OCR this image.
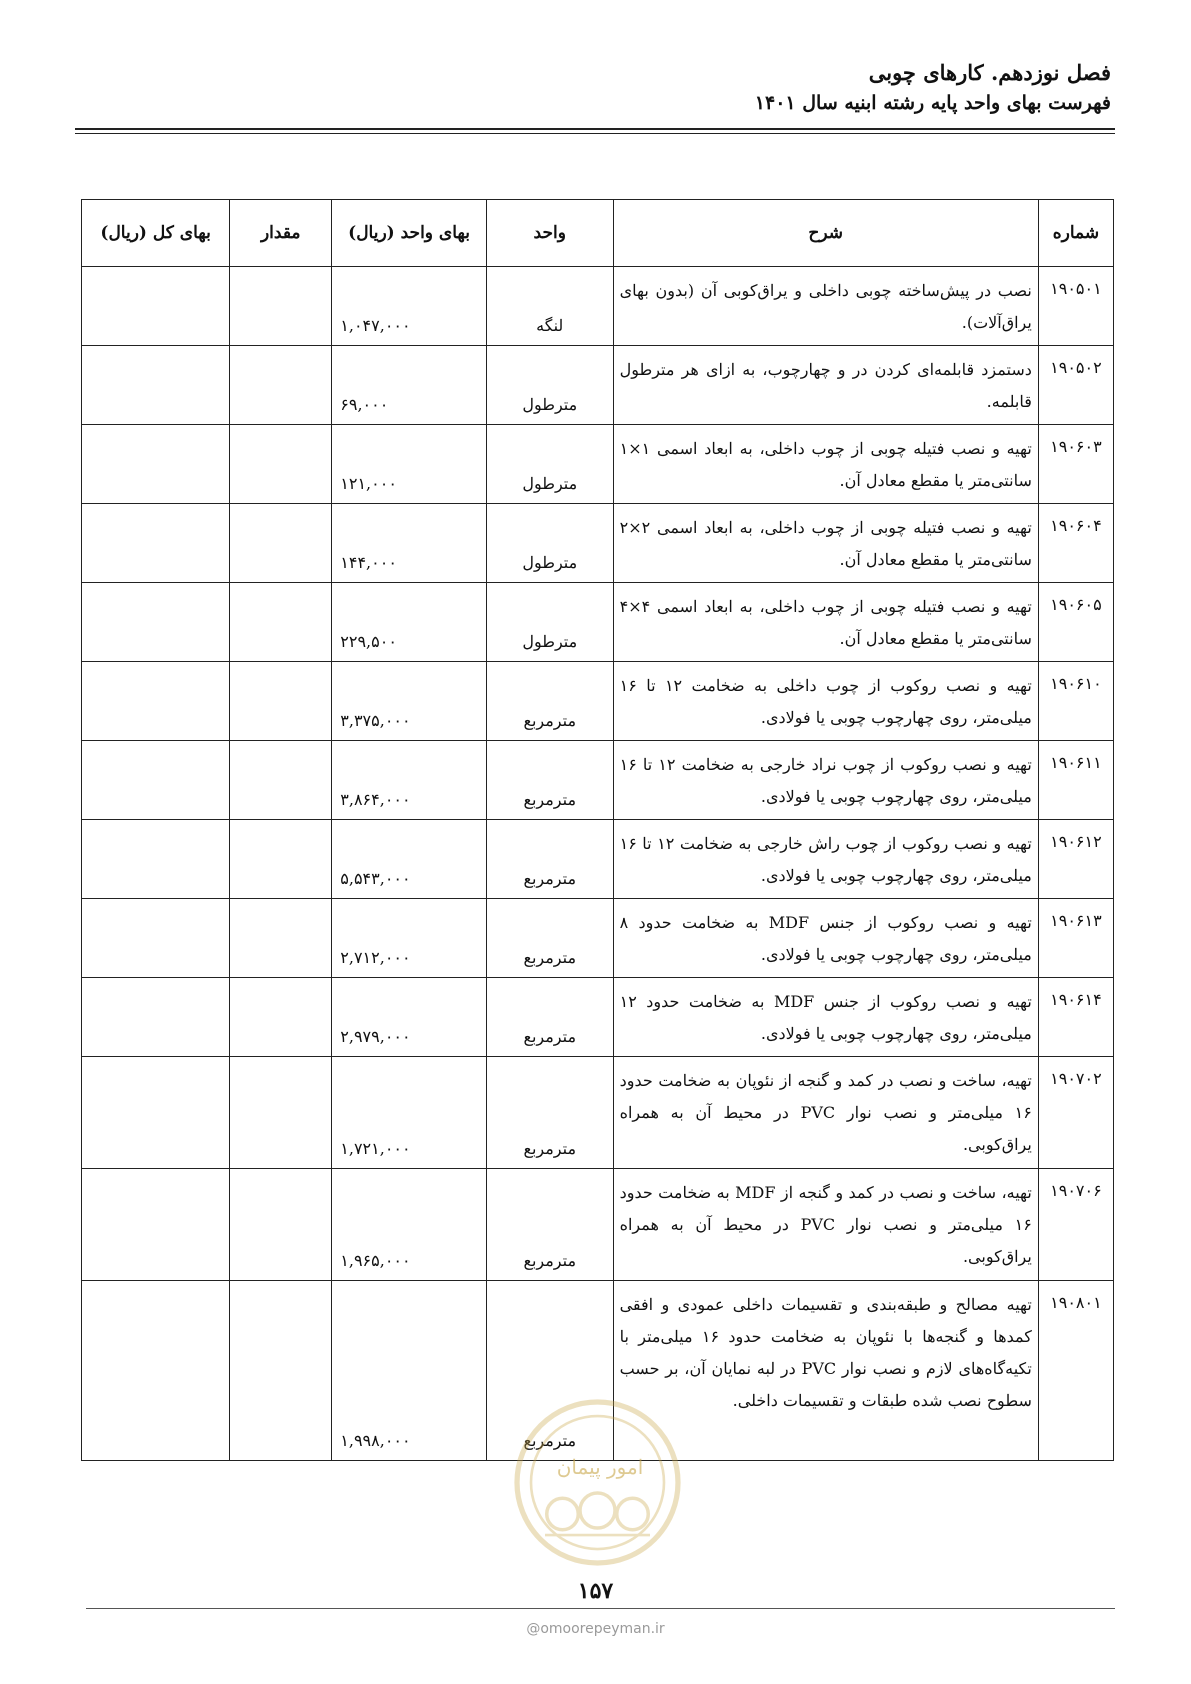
فصل نوزدهم. کارهای چوبی
فهرست بهای واحد پایه رشته ابنیه سال ۱۴۰۱
شماره	شرح	واحد	بهای واحد (ریال)	مقدار	بهای کل (ریال)
۱۹۰۵۰۱	نصب در پیش‌ساخته چوبی داخلی و یراق‌کوبی آن (بدون بهای یراق‌آلات).	لنگه	۱,۰۴۷,۰۰۰		
۱۹۰۵۰۲	دستمزد قابلمه‌ای کردن در و چهارچوب، به ازای هر مترطول قابلمه.	مترطول	۶۹,۰۰۰		
۱۹۰۶۰۳	تهیه و نصب فتیله چوبی از چوب داخلی، به ابعاد اسمی ۱×۱ سانتی‌متر یا مقطع معادل آن.	مترطول	۱۲۱,۰۰۰		
۱۹۰۶۰۴	تهیه و نصب فتیله چوبی از چوب داخلی، به ابعاد اسمی ۲×۲ سانتی‌متر یا مقطع معادل آن.	مترطول	۱۴۴,۰۰۰		
۱۹۰۶۰۵	تهیه و نصب فتیله چوبی از چوب داخلی، به ابعاد اسمی ۴×۴ سانتی‌متر یا مقطع معادل آن.	مترطول	۲۲۹,۵۰۰		
۱۹۰۶۱۰	تهیه و نصب روکوب از چوب داخلی به ضخامت ۱۲ تا ۱۶ میلی‌متر، روی چهارچوب چوبی یا فولادی.	مترمربع	۳,۳۷۵,۰۰۰		
۱۹۰۶۱۱	تهیه و نصب روکوب از چوب نراد خارجی به ضخامت ۱۲ تا ۱۶ میلی‌متر، روی چهارچوب چوبی یا فولادی.	مترمربع	۳,۸۶۴,۰۰۰		
۱۹۰۶۱۲	تهیه و نصب روکوب از چوب راش خارجی به ضخامت ۱۲ تا ۱۶ میلی‌متر، روی چهارچوب چوبی یا فولادی.	مترمربع	۵,۵۴۳,۰۰۰		
۱۹۰۶۱۳	تهیه و نصب روکوب از جنس MDF به ضخامت حدود ۸ میلی‌متر، روی چهارچوب چوبی یا فولادی.	مترمربع	۲,۷۱۲,۰۰۰		
۱۹۰۶۱۴	تهیه و نصب روکوب از جنس MDF به ضخامت حدود ۱۲ میلی‌متر، روی چهارچوب چوبی یا فولادی.	مترمربع	۲,۹۷۹,۰۰۰		
۱۹۰۷۰۲	تهیه، ساخت و نصب در کمد و گنجه از نئوپان به ضخامت حدود ۱۶ میلی‌متر و نصب نوار PVC در محیط آن به همراه یراق‌کوبی.	مترمربع	۱,۷۲۱,۰۰۰		
۱۹۰۷۰۶	تهیه، ساخت و نصب در کمد و گنجه از MDF به ضخامت حدود ۱۶ میلی‌متر و نصب نوار PVC در محیط آن به همراه یراق‌کوبی.	مترمربع	۱,۹۶۵,۰۰۰		
۱۹۰۸۰۱	تهیه مصالح و طبقه‌بندی و تقسیمات داخلی عمودی و افقی کمدها و گنجه‌ها با نئوپان به ضخامت حدود ۱۶ میلی‌متر با تکیه‌گاه‌های لازم و نصب نوار PVC در لبه نمایان آن، بر حسب سطوح نصب شده طبقات و تقسیمات داخلی.	مترمربع	۱,۹۹۸,۰۰۰		
امور پیمان
۱۵۷
@omoorepeyman.ir
